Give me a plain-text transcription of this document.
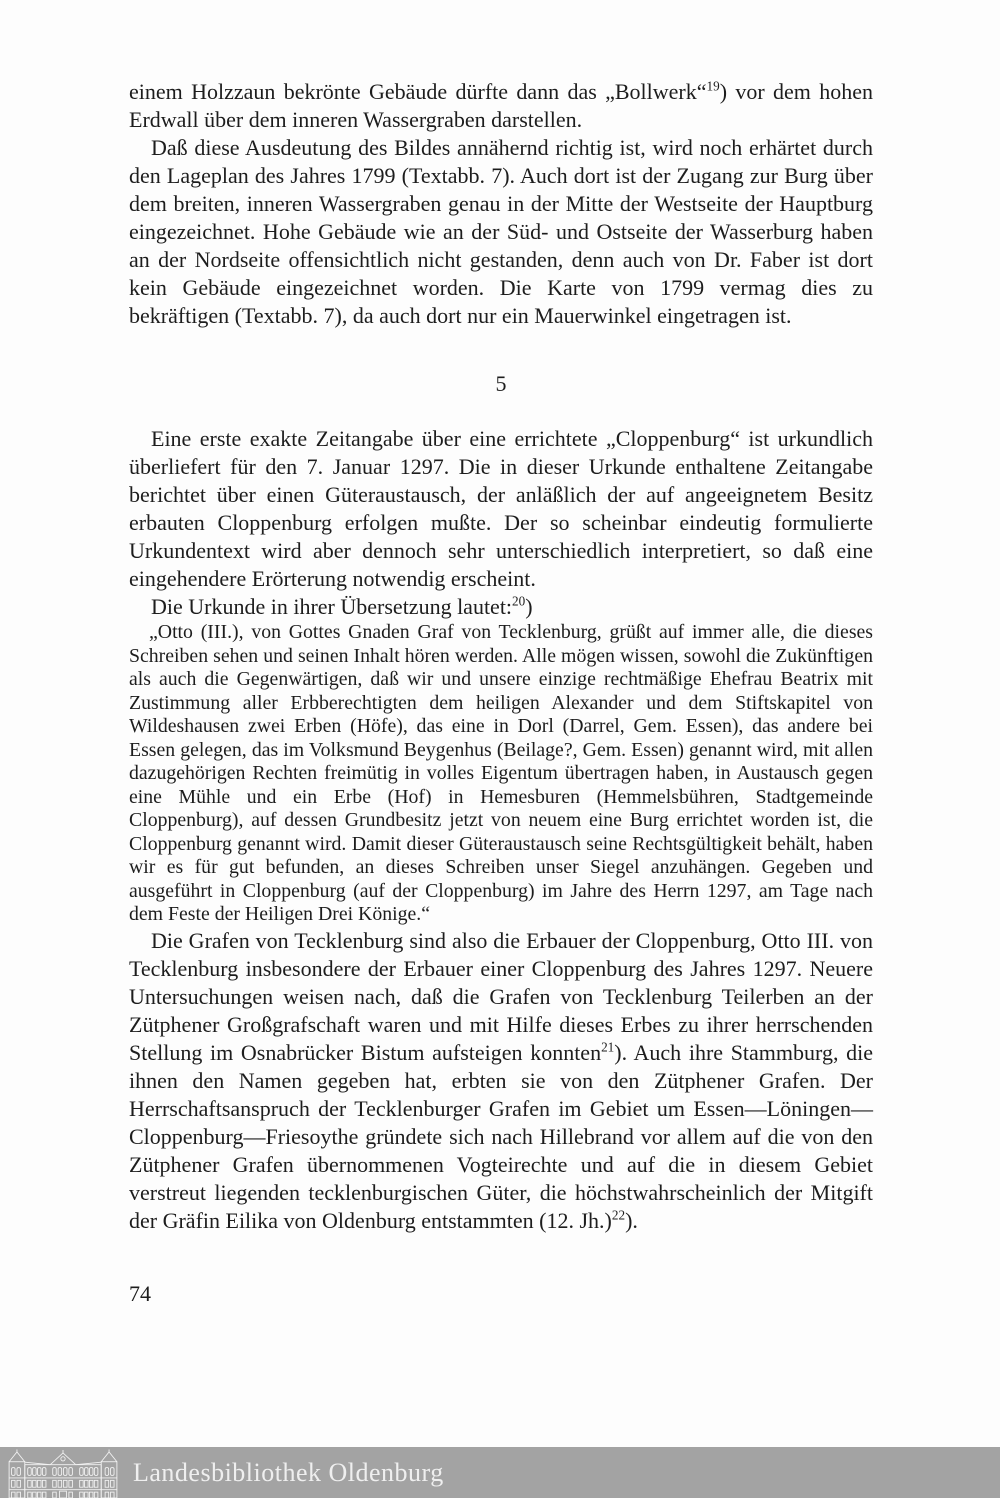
einem Holzzaun bekrönte Gebäude dürfte dann das „Bollwerk“$^{19}$) vor dem hohen Erdwall über dem inneren Wassergraben darstellen.

Daß diese Ausdeutung des Bildes annähernd richtig ist, wird noch erhärtet durch den Lageplan des Jahres 1799 (Textabb. 7). Auch dort ist der Zugang zur Burg über dem breiten, inneren Wassergraben genau in der Mitte der Westseite der Hauptburg eingezeichnet. Hohe Gebäude wie an der Süd- und Ostseite der Wasserburg haben an der Nordseite offensichtlich nicht gestanden, denn auch von Dr. Faber ist dort kein Gebäude eingezeichnet worden. Die Karte von 1799 vermag dies zu bekräftigen (Textabb. 7), da auch dort nur ein Mauerwinkel eingetragen ist.

5

Eine erste exakte Zeitangabe über eine errichtete „Cloppenburg“ ist urkundlich überliefert für den 7. Januar 1297. Die in dieser Urkunde enthaltene Zeitangabe berichtet über einen Güteraustausch, der anläßlich der auf angeeignetem Besitz erbauten Cloppenburg erfolgen mußte. Der so scheinbar eindeutig formulierte Urkundentext wird aber dennoch sehr unterschiedlich interpretiert, so daß eine eingehendere Erörterung notwendig erscheint.

Die Urkunde in ihrer Übersetzung lautet:$^{20}$)

„Otto (III.), von Gottes Gnaden Graf von Tecklenburg, grüßt auf immer alle, die dieses Schreiben sehen und seinen Inhalt hören werden. Alle mögen wissen, sowohl die Zukünftigen als auch die Gegenwärtigen, daß wir und unsere einzige rechtmäßige Ehefrau Beatrix mit Zustimmung aller Erbberechtigten dem heiligen Alexander und dem Stiftskapitel von Wildeshausen zwei Erben (Höfe), das eine in Dorl (Darrel, Gem. Essen), das andere bei Essen gelegen, das im Volksmund Beygenhus (Beilage?, Gem. Essen) genannt wird, mit allen dazugehörigen Rechten freimütig in volles Eigentum übertragen haben, in Austausch gegen eine Mühle und ein Erbe (Hof) in Hemesburen (Hemmelsbühren, Stadtgemeinde Cloppenburg), auf dessen Grundbesitz jetzt von neuem eine Burg errichtet worden ist, die Cloppenburg genannt wird. Damit dieser Güteraustausch seine Rechtsgültigkeit behält, haben wir es für gut befunden, an dieses Schreiben unser Siegel anzuhängen. Gegeben und ausgeführt in Cloppenburg (auf der Cloppenburg) im Jahre des Herrn 1297, am Tage nach dem Feste der Heiligen Drei Könige.“

Die Grafen von Tecklenburg sind also die Erbauer der Cloppenburg, Otto III. von Tecklenburg insbesondere der Erbauer einer Cloppenburg des Jahres 1297. Neuere Untersuchungen weisen nach, daß die Grafen von Tecklenburg Teilerben an der Zütphener Großgrafschaft waren und mit Hilfe dieses Erbes zu ihrer herrschenden Stellung im Osnabrücker Bistum aufsteigen konnten$^{21}$). Auch ihre Stammburg, die ihnen den Namen gegeben hat, erbten sie von den Zütphener Grafen. Der Herrschaftsanspruch der Tecklenburger Grafen im Gebiet um Essen—Löningen—Cloppenburg—Friesoythe gründete sich nach Hillebrand vor allem auf die von den Zütphener Grafen übernommenen Vogteirechte und auf die in diesem Gebiet verstreut liegenden tecklenburgischen Güter, die höchstwahrscheinlich der Mitgift der Gräfin Eilika von Oldenburg entstammten (12. Jh.)$^{22}$).

74
Landesbibliothek Oldenburg
